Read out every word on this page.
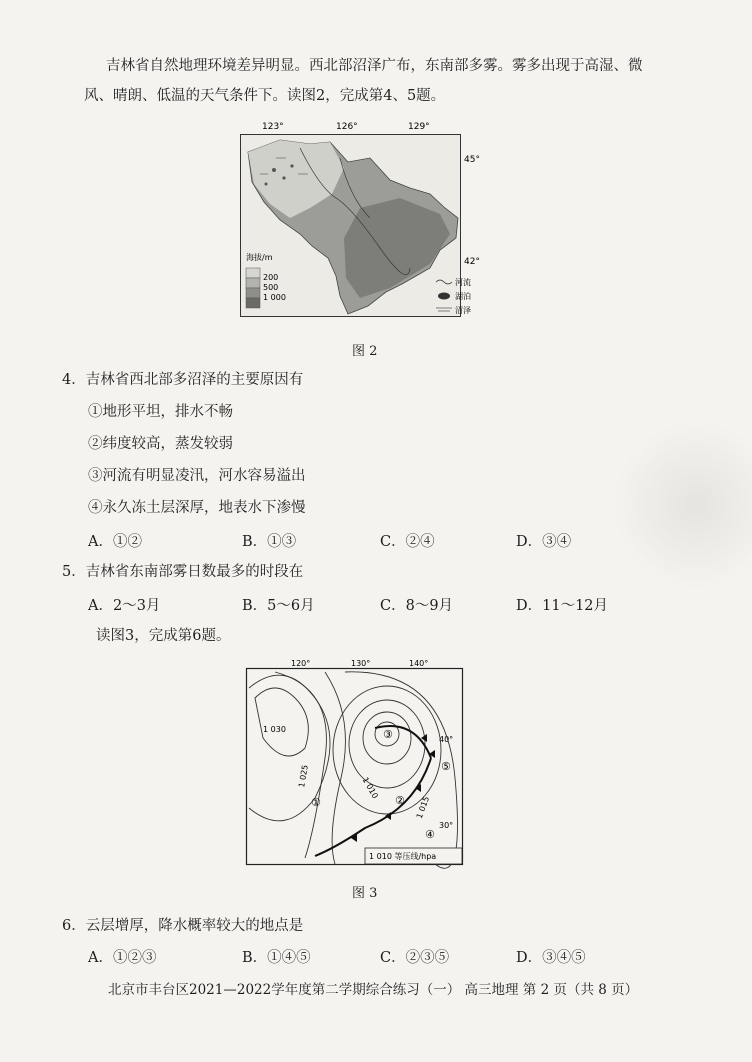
吉林省自然地理环境差异明显。西北部沼泽广布，东南部多雾。雾多出现于高湿、微
风、晴朗、低温的天气条件下。读图2，完成第4、5题。
123°	126°	129°
45°
42°
海拔/m
200
500
1 000
河流
湖泊
沼泽
图 2
4．吉林省西北部多沼泽的主要原因有
①地形平坦，排水不畅
②纬度较高，蒸发较弱
③河流有明显凌汛，河水容易溢出
④永久冻土层深厚，地表水下渗慢
A．①②	B．①③	C．②④	D．③④
5．吉林省东南部雾日数最多的时段在
A．2～3月	B．5～6月	C．8～9月	D．11～12月
读图3，完成第6题。
120°	130°	140°
40°
30°
1 030
1 025	1 010
1 015
①	②
③
④
⑤
1 010 等压线/hpa
图 3
6．云层增厚，降水概率较大的地点是
A．①②③	B．①④⑤	C．②③⑤	D．③④⑤
北京市丰台区2021—2022学年度第二学期综合练习（一） 高三地理 第 2 页（共 8 页）
